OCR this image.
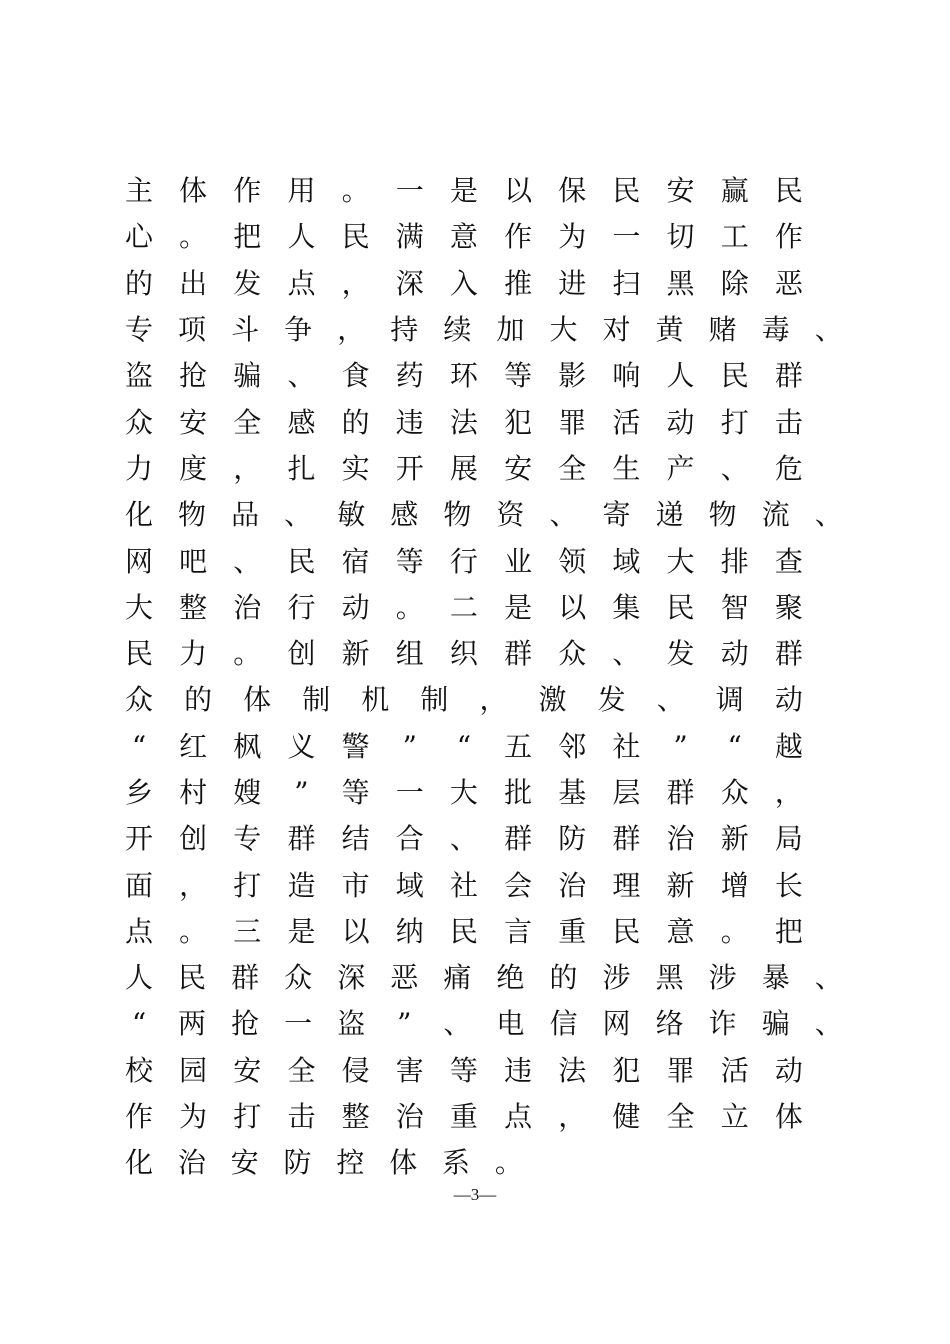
主 体 作 用 。 一 是 以 保 民 安 赢 民
心 。 把 人 民 满 意 作 为 一 切 工 作
的 出 发 点 ， 深 入 推 进 扫 黑 除 恶
专 项 斗 争 ， 持 续 加 大 对 黄 赌 毒 、
盗 抢 骗 、 食 药 环 等 影 响 人 民 群
众 安 全 感 的 违 法 犯 罪 活 动 打 击
力 度 ， 扎 实 开 展 安 全 生 产 、 危
化 物 品 、 敏 感 物 资 、 寄 递 物 流 、
网 吧 、 民 宿 等 行 业 领 域 大 排 查
大 整 治 行 动 。 二 是 以 集 民 智 聚
民 力 。 创 新 组 织 群 众 、 发 动 群
众 的 体 制 机 制 ， 激 发 、 调 动
“ 红 枫 义 警 ” “ 五 邻 社 ” “ 越
乡 村 嫂 ” 等 一 大 批 基 层 群 众 ，
开 创 专 群 结 合 、 群 防 群 治 新 局
面 ， 打 造 市 域 社 会 治 理 新 增 长
点 。 三 是 以 纳 民 言 重 民 意 。 把
人 民 群 众 深 恶 痛 绝 的 涉 黑 涉 暴 、
“ 两 抢 一 盗 ” 、 电 信 网 络 诈 骗 、
校 园 安 全 侵 害 等 违 法 犯 罪 活 动
作 为 打 击 整 治 重 点 ， 健 全 立 体
化 治 安 防 控 体 系 。
—3—
